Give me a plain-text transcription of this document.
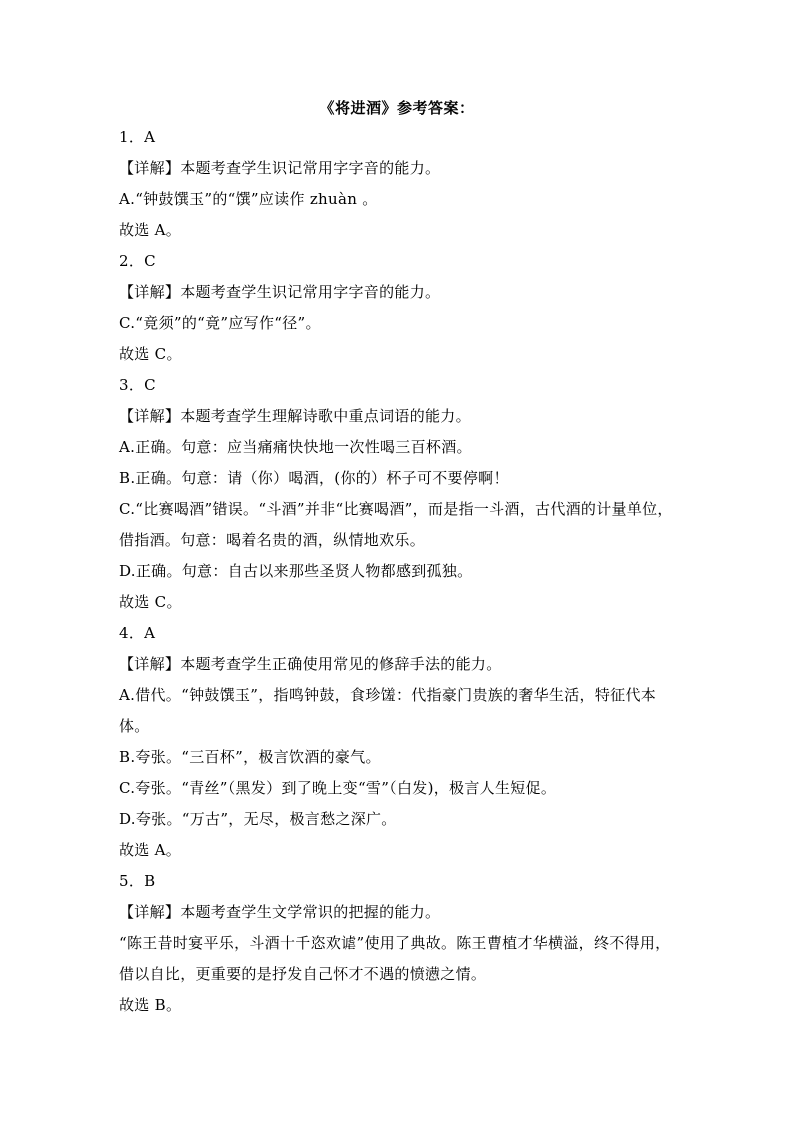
《将进酒》参考答案：
1．A
【详解】本题考查学生识记常用字字音的能力。
A.“钟鼓馔玉”的“馔”应读作 zhuàn 。
故选 A。
2．C
【详解】本题考查学生识记常用字字音的能力。
C.“竟须”的“竟”应写作“径”。
故选 C。
3．C
【详解】本题考查学生理解诗歌中重点词语的能力。
A.正确。句意：应当痛痛快快地一次性喝三百杯酒。
B.正确。句意：请（你）喝酒，(你的）杯子可不要停啊！
C.“比赛喝酒”错误。“斗酒”并非“比赛喝酒”，而是指一斗酒，古代酒的计量单位，
借指酒。句意：喝着名贵的酒，纵情地欢乐。
D.正确。句意：自古以来那些圣贤人物都感到孤独。
故选 C。
4．A
【详解】本题考查学生正确使用常见的修辞手法的能力。
A.借代。“钟鼓馔玉”，指鸣钟鼓，食珍馐：代指豪门贵族的奢华生活，特征代本
体。
B.夸张。“三百杯”，极言饮酒的豪气。
C.夸张。“青丝”（黑发）到了晚上变“雪”（白发)，极言人生短促。
D.夸张。“万古”，无尽，极言愁之深广。
故选 A。
5．B
【详解】本题考查学生文学常识的把握的能力。
“陈王昔时宴平乐，斗酒十千恣欢谑”使用了典故。陈王曹植才华横溢，终不得用，
借以自比，更重要的是抒发自己怀才不遇的愤懑之情。
故选 B。
